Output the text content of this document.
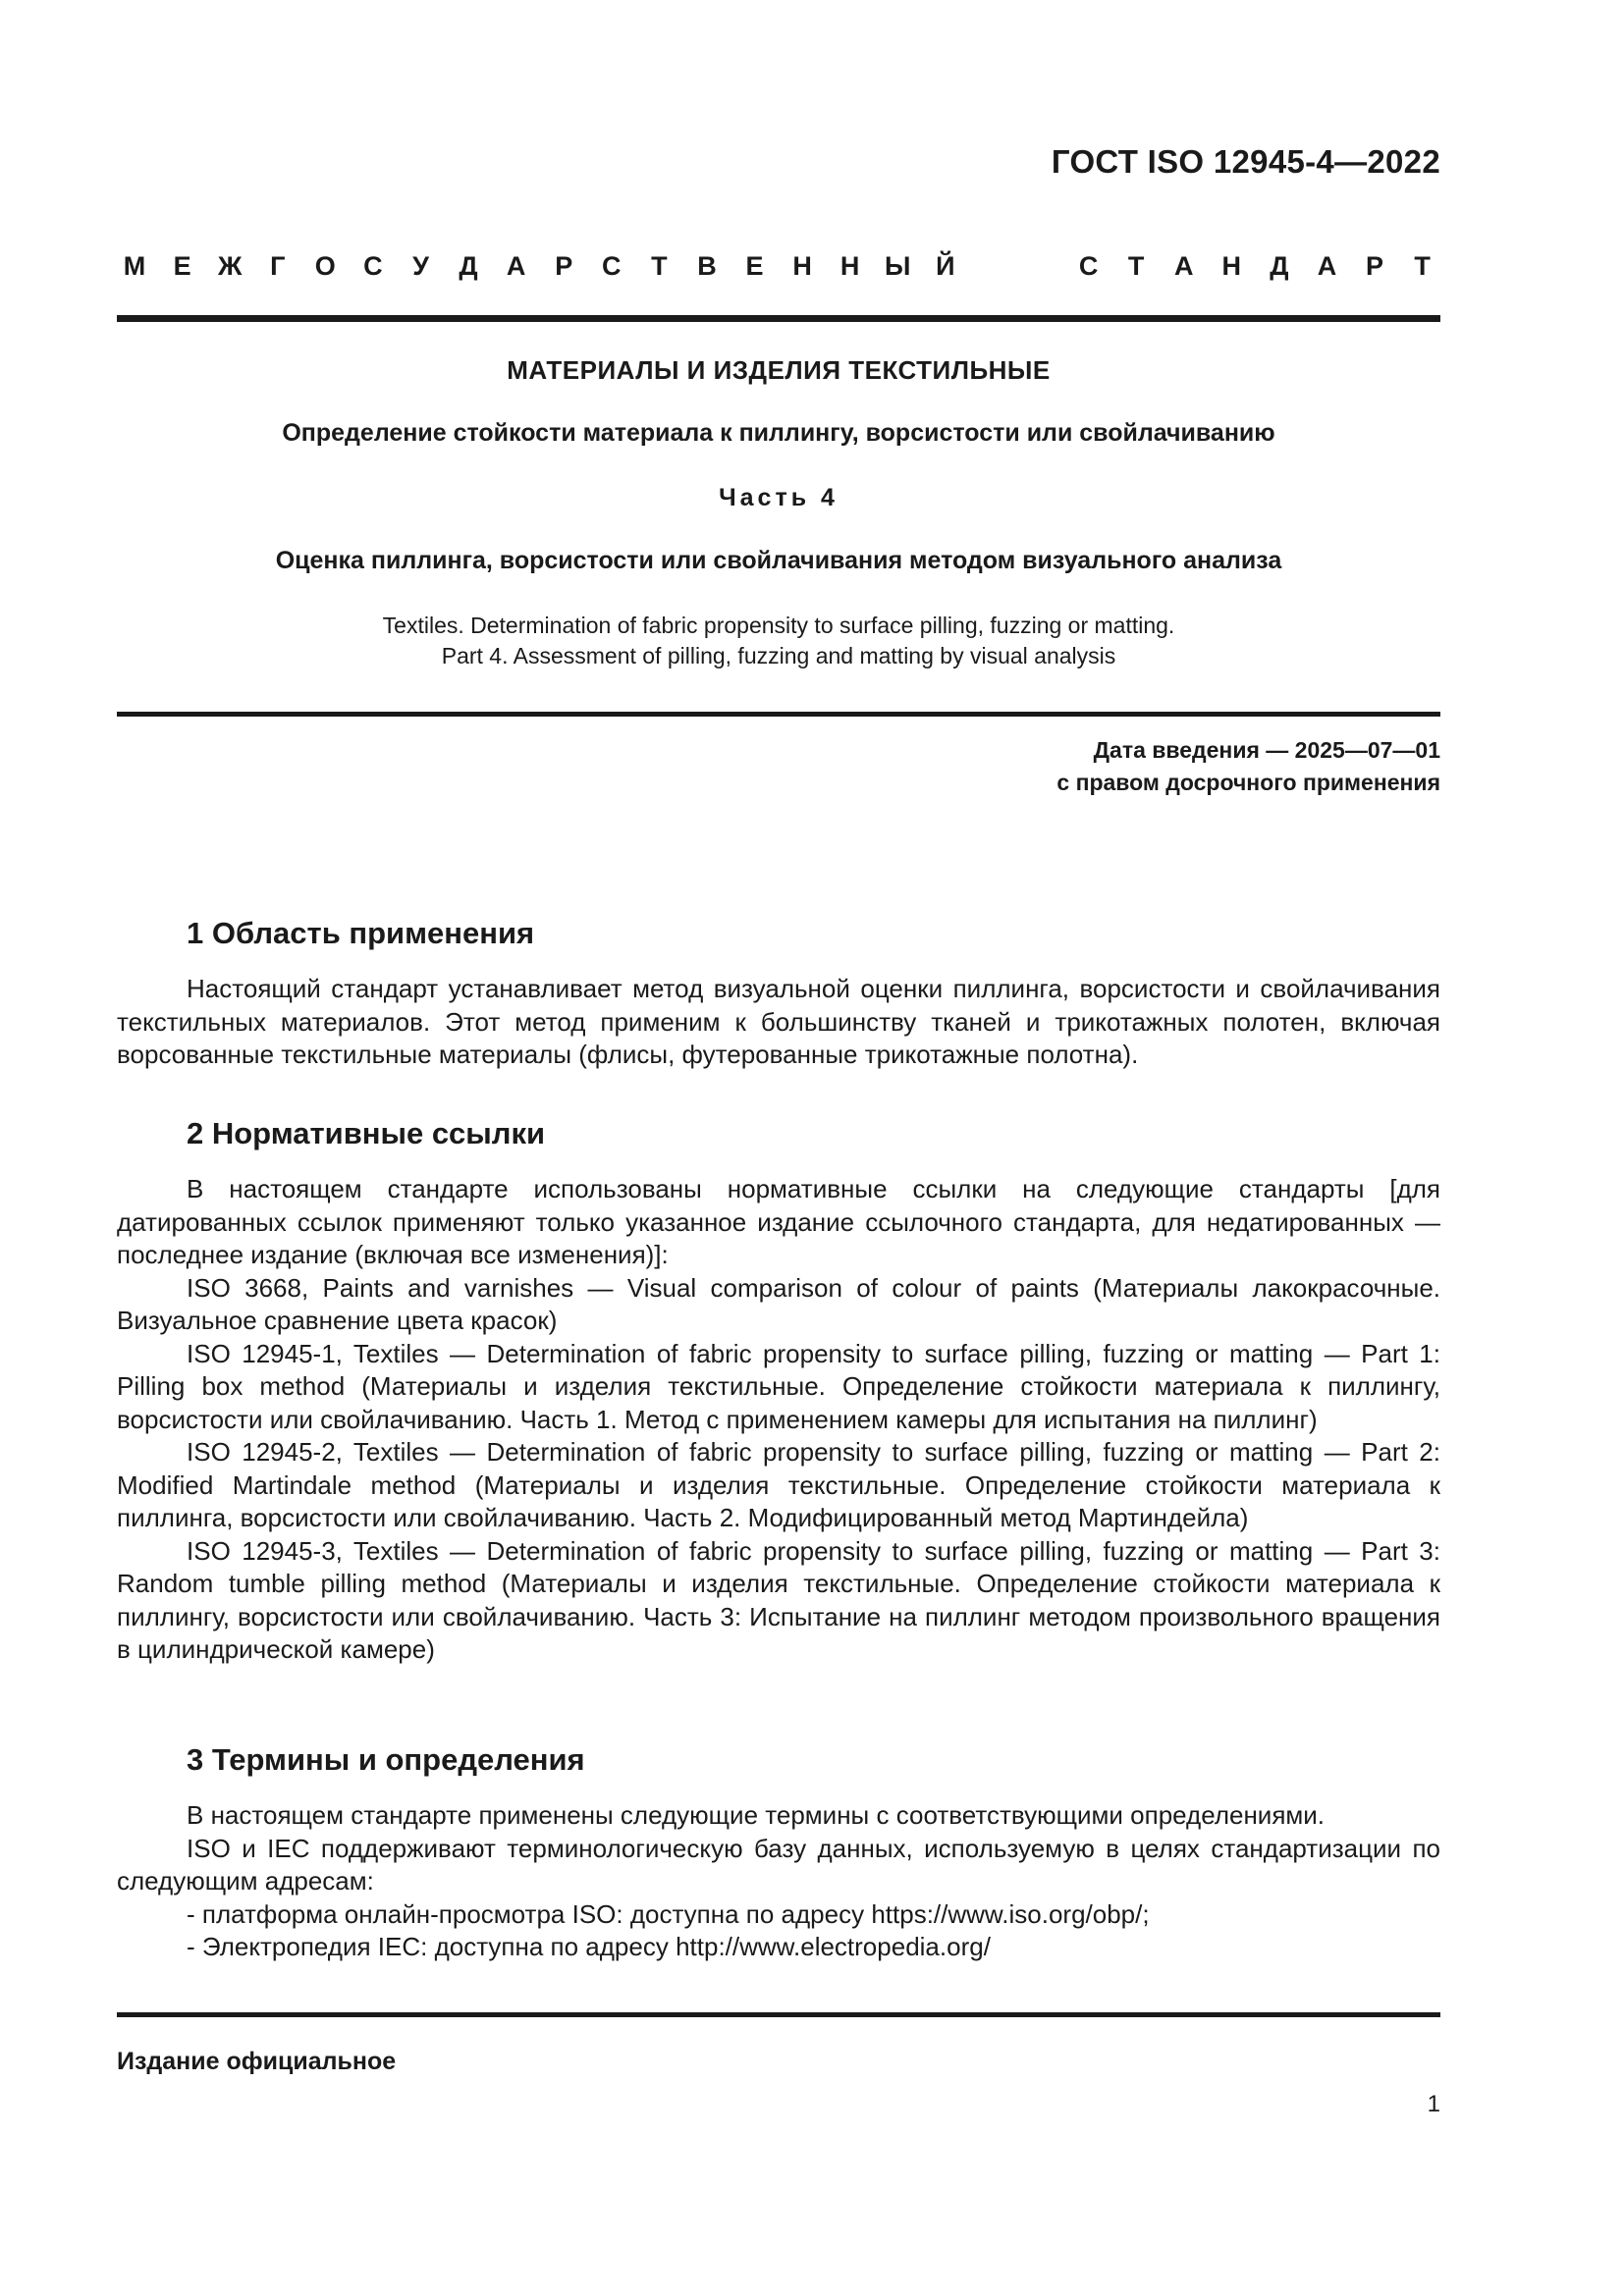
ГОСТ ISO 12945-4—2022
М	Е	Ж	Г	О	С	У	Д	А	Р	С	Т	В	Е	Н	Н Ы Й	С	Т	А	Н	Д	А	Р	Т
МАТЕРИАЛЫ И ИЗДЕЛИЯ ТЕКСТИЛЬНЫЕ
Определение стойкости материала к пиллингу, ворсистости или свойлачиванию
Часть 4
Оценка пиллинга, ворсистости или свойлачивания методом визуального анализа
Textiles. Determination of fabric propensity to surface pilling, fuzzing or matting.
Part 4. Assessment of pilling, fuzzing and matting by visual analysis
Дата введения — 2025—07—01
с правом досрочного применения
1 Область применения

Настоящий стандарт устанавливает метод визуальной оценки пиллинга, ворсистости и свойлачивания текстильных материалов. Этот метод применим к большинству тканей и трикотажных полотен, включая ворсованные текстильные материалы (флисы, футерованные трикотажные полотна).

2 Нормативные ссылки

В настоящем стандарте использованы нормативные ссылки на следующие стандарты [для датированных ссылок применяют только указанное издание ссылочного стандарта, для недатированных — последнее издание (включая все изменения)]:

ISO 3668, Paints and varnishes — Visual comparison of colour of paints (Материалы лакокрасочные. Визуальное сравнение цвета красок)

ISO 12945-1, Textiles — Determination of fabric propensity to surface pilling, fuzzing or matting — Part 1: Pilling box method (Материалы и изделия текстильные. Определение стойкости материала к пиллингу, ворсистости или свойлачиванию. Часть 1. Метод с применением камеры для испытания на пиллинг)

ISO 12945-2, Textiles — Determination of fabric propensity to surface pilling, fuzzing or matting — Part 2: Modified Martindale method (Материалы и изделия текстильные. Определение стойкости материала к пиллинга, ворсистости или свойлачиванию. Часть 2. Модифицированный метод Мартиндейла)

ISO 12945-3, Textiles — Determination of fabric propensity to surface pilling, fuzzing or matting — Part 3: Random tumble pilling method (Материалы и изделия текстильные. Определение стойкости материала к пиллингу, ворсистости или свойлачиванию. Часть 3: Испытание на пиллинг методом произвольного вращения в цилиндрической камере)

3 Термины и определения

В настоящем стандарте применены следующие термины с соответствующими определениями.

ISO и IEC поддерживают терминологическую базу данных, используемую в целях стандартизации по следующим адресам:

- платформа онлайн-просмотра ISO: доступна по адресу https://www.iso.org/obp/;

- Электропедия IEC: доступна по адресу http://www.electropedia.org/

Издание официальное
1
